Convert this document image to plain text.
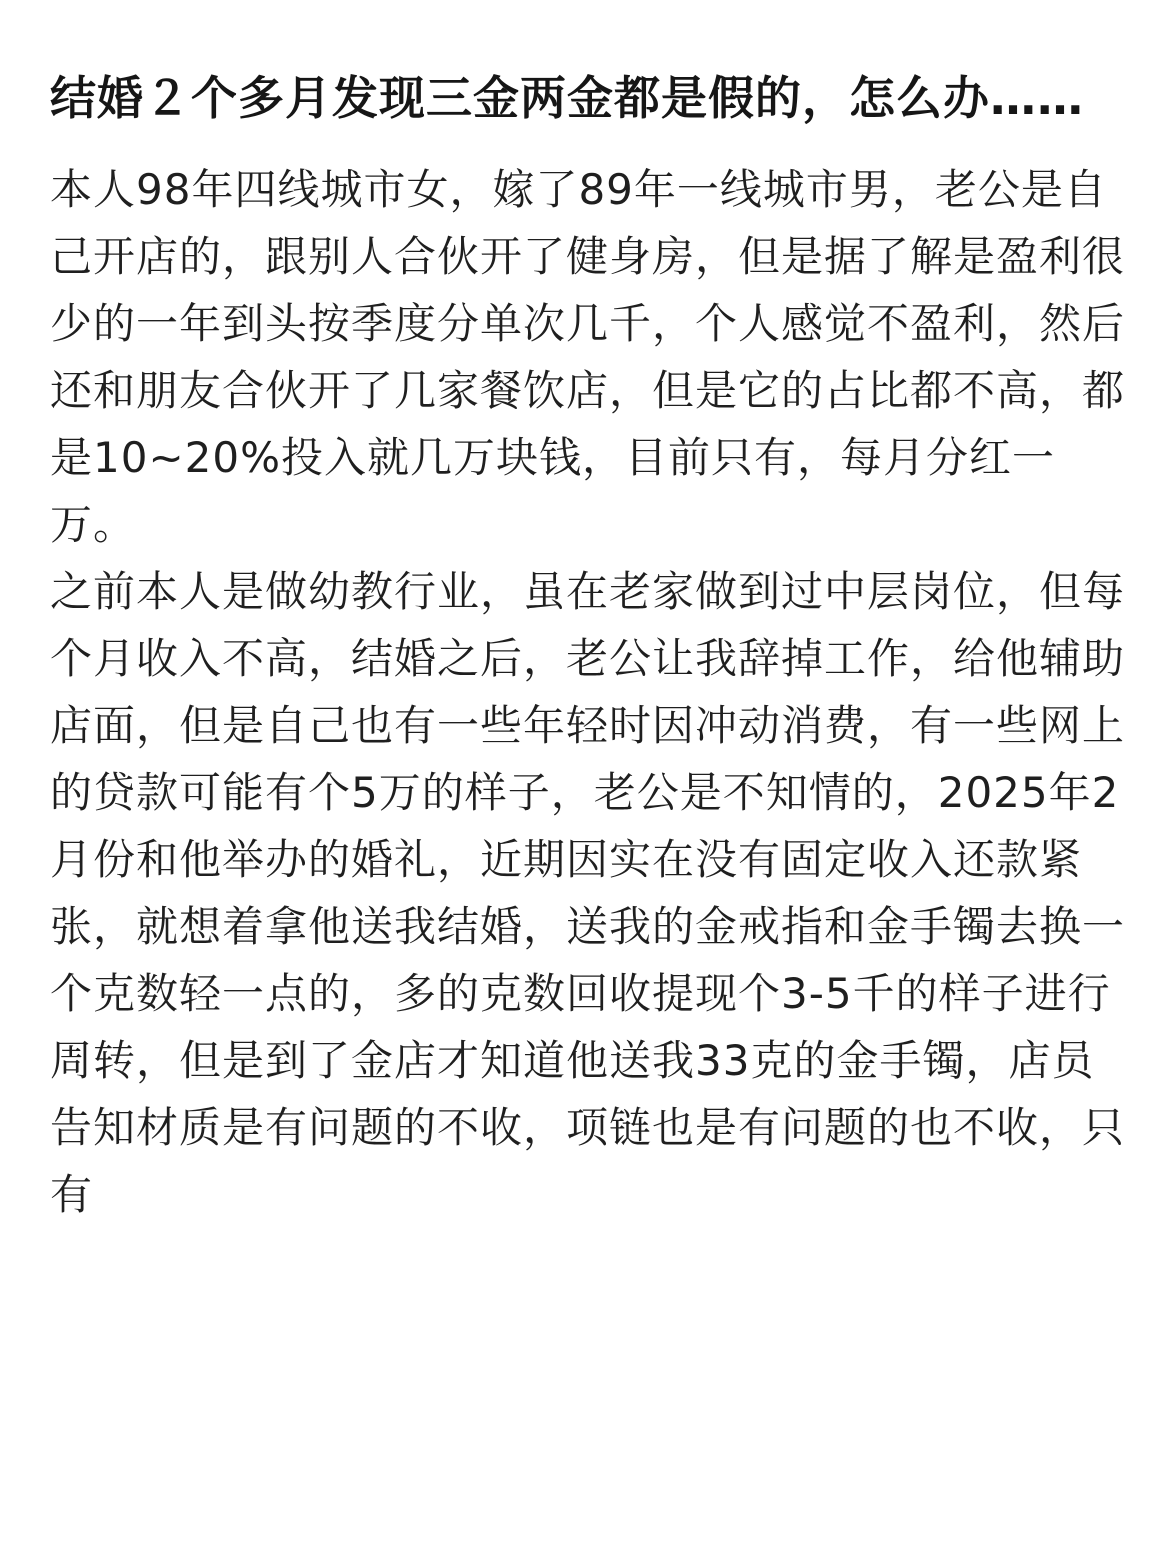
结婚２个多月发现三金两金都是假的，怎么办……

本人98年四线城市女，嫁了89年一线城市男，老公是自己开店的，跟别人合伙开了健身房，但是据了解是盈利很少的一年到头按季度分单次几千，个人感觉不盈利，然后还和朋友合伙开了几家餐饮店，但是它的占比都不高，都是10~20%投入就几万块钱，目前只有，每月分红一万。

之前本人是做幼教行业，虽在老家做到过中层岗位，但每个月收入不高，结婚之后，老公让我辞掉工作，给他辅助店面，但是自己也有一些年轻时因冲动消费，有一些网上的贷款可能有个5万的样子，老公是不知情的，2025年2月份和他举办的婚礼，近期因实在没有固定收入还款紧张，就想着拿他送我结婚，送我的金戒指和金手镯去换一个克数轻一点的，多的克数回收提现个3-5千的样子进行周转，但是到了金店才知道他送我33克的金手镯，店员告知材质是有问题的不收，项链也是有问题的也不收，只有
